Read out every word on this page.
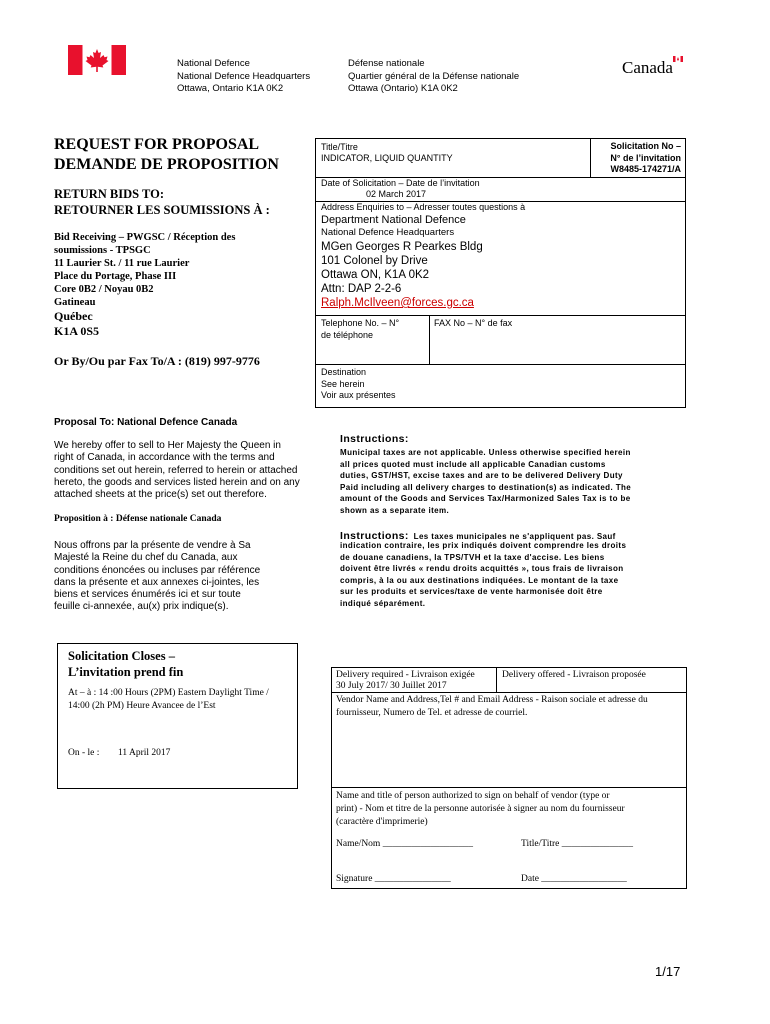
National Defence
National Defence Headquarters
Ottawa, Ontario K1A 0K2
Défense nationale
Quartier général de la Défense nationale
Ottawa (Ontario) K1A 0K2
Canada
REQUEST FOR PROPOSAL
DEMANDE DE PROPOSITION
RETURN BIDS TO:
RETOURNER LES SOUMISSIONS À :
Bid Receiving – PWGSC / Réception des
soumissions - TPSGC
11 Laurier St. / 11 rue Laurier
Place du Portage, Phase III
Core 0B2 / Noyau 0B2
Gatineau
Québec
K1A 0S5
Or By/Ou par Fax To/A : (819) 997-9776
Proposal To: National Defence Canada
We hereby offer to sell to Her Majesty the Queen in
right of Canada, in accordance with the terms and
conditions set out herein, referred to herein or attached
hereto, the goods and services listed herein and on any
attached sheets at the price(s) set out therefore.
Proposition à : Défense nationale Canada
Nous offrons par la présente de vendre à Sa
Majesté la Reine du chef du Canada, aux
conditions énoncées ou incluses par référence
dans la présente et aux annexes ci-jointes, les
biens et services énumérés ici et sur toute
feuille ci-annexée, au(x) prix indique(s).
Solicitation Closes –
L’invitation prend fin
At – à : 14 :00 Hours (2PM) Eastern Daylight Time /
14:00 (2h PM) Heure Avancee de l’Est
On - le : 11 April 2017
Title/Titre
INDICATOR, LIQUID QUANTITY
Solicitation No –
N° de l’invitation
W8485-174271/A
Date of Solicitation – Date de l’invitation
02 March 2017
Address Enquiries to – Adresser toutes questions à
Department National Defence
National Defence Headquarters
MGen Georges R Pearkes Bldg
101 Colonel by Drive
Ottawa ON, K1A 0K2
Attn: DAP 2-2-6
Ralph.McIlveen@forces.gc.ca
Telephone No. – N°
de téléphone
FAX No – N° de fax
Destination
See herein
Voir aux présentes
Instructions:
Municipal taxes are not applicable. Unless otherwise specified herein
all prices quoted must include all applicable Canadian customs
duties, GST/HST, excise taxes and are to be delivered Delivery Duty
Paid including all delivery charges to destination(s) as indicated. The
amount of the Goods and Services Tax/Harmonized Sales Tax is to be
shown as a separate item.
Instructions: Les taxes municipales ne s'appliquent pas. Sauf
indication contraire, les prix indiqués doivent comprendre les droits
de douane canadiens, la TPS/TVH et la taxe d'accise. Les biens
doivent être livrés « rendu droits acquittés », tous frais de livraison
compris, à la ou aux destinations indiquées. Le montant de la taxe
sur les produits et services/taxe de vente harmonisée doit être
indiqué séparément.
Delivery required - Livraison exigée
30 July 2017/ 30 Juillet 2017
Delivery offered - Livraison proposée
Vendor Name and Address,Tel # and Email Address - Raison sociale et adresse du
fournisseur, Numero de Tel. et adresse de courriel.
Name and title of person authorized to sign on behalf of vendor (type or
print) - Nom et titre de la personne autorisée à signer au nom du fournisseur
(caractère d'imprimerie)
Name/Nom ___________________	Title/Titre _______________
Signature ________________	Date __________________
1/17
